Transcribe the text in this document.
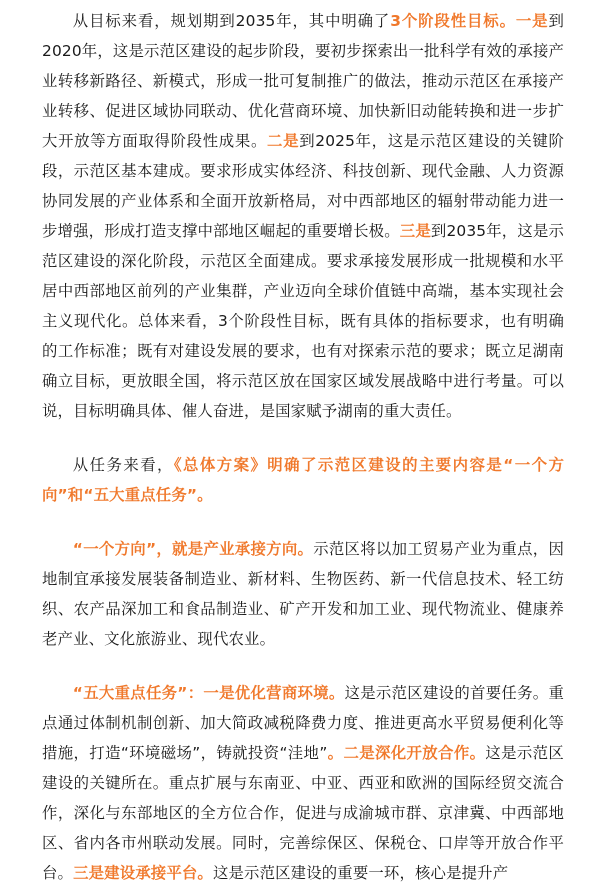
从目标来看，规划期到2035年，其中明确了3个阶段性目标。一是到2020年，这是示范区建设的起步阶段，要初步探索出一批科学有效的承接产业转移新路径、新模式，形成一批可复制推广的做法，推动示范区在承接产业转移、促进区域协同联动、优化营商环境、加快新旧动能转换和进一步扩大开放等方面取得阶段性成果。二是到2025年，这是示范区建设的关键阶段，示范区基本建成。要求形成实体经济、科技创新、现代金融、人力资源协同发展的产业体系和全面开放新格局，对中西部地区的辐射带动能力进一步增强，形成打造支撑中部地区崛起的重要增长极。三是到2035年，这是示范区建设的深化阶段，示范区全面建成。要求承接发展形成一批规模和水平居中西部地区前列的产业集群，产业迈向全球价值链中高端，基本实现社会主义现代化。总体来看，3个阶段性目标，既有具体的指标要求，也有明确的工作标准；既有对建设发展的要求，也有对探索示范的要求；既立足湖南确立目标，更放眼全国，将示范区放在国家区域发展战略中进行考量。可以说，目标明确具体、催人奋进，是国家赋予湖南的重大责任。

从任务来看，《总体方案》明确了示范区建设的主要内容是“一个方向”和“五大重点任务”。

“一个方向”，就是产业承接方向。示范区将以加工贸易产业为重点，因地制宜承接发展装备制造业、新材料、生物医药、新一代信息技术、轻工纺织、农产品深加工和食品制造业、矿产开发和加工业、现代物流业、健康养老产业、文化旅游业、现代农业。

“五大重点任务”：一是优化营商环境。这是示范区建设的首要任务。重点通过体制机制创新、加大简政减税降费力度、推进更高水平贸易便利化等措施，打造“环境磁场”，铸就投资“洼地”。二是深化开放合作。这是示范区建设的关键所在。重点扩展与东南亚、中亚、西亚和欧洲的国际经贸交流合作，深化与东部地区的全方位合作，促进与成渝城市群、京津冀、中西部地区、省内各市州联动发展。同时，完善综保区、保税仓、口岸等开放合作平台。三是建设承接平台。这是示范区建设的重要一环，核心是提升产
